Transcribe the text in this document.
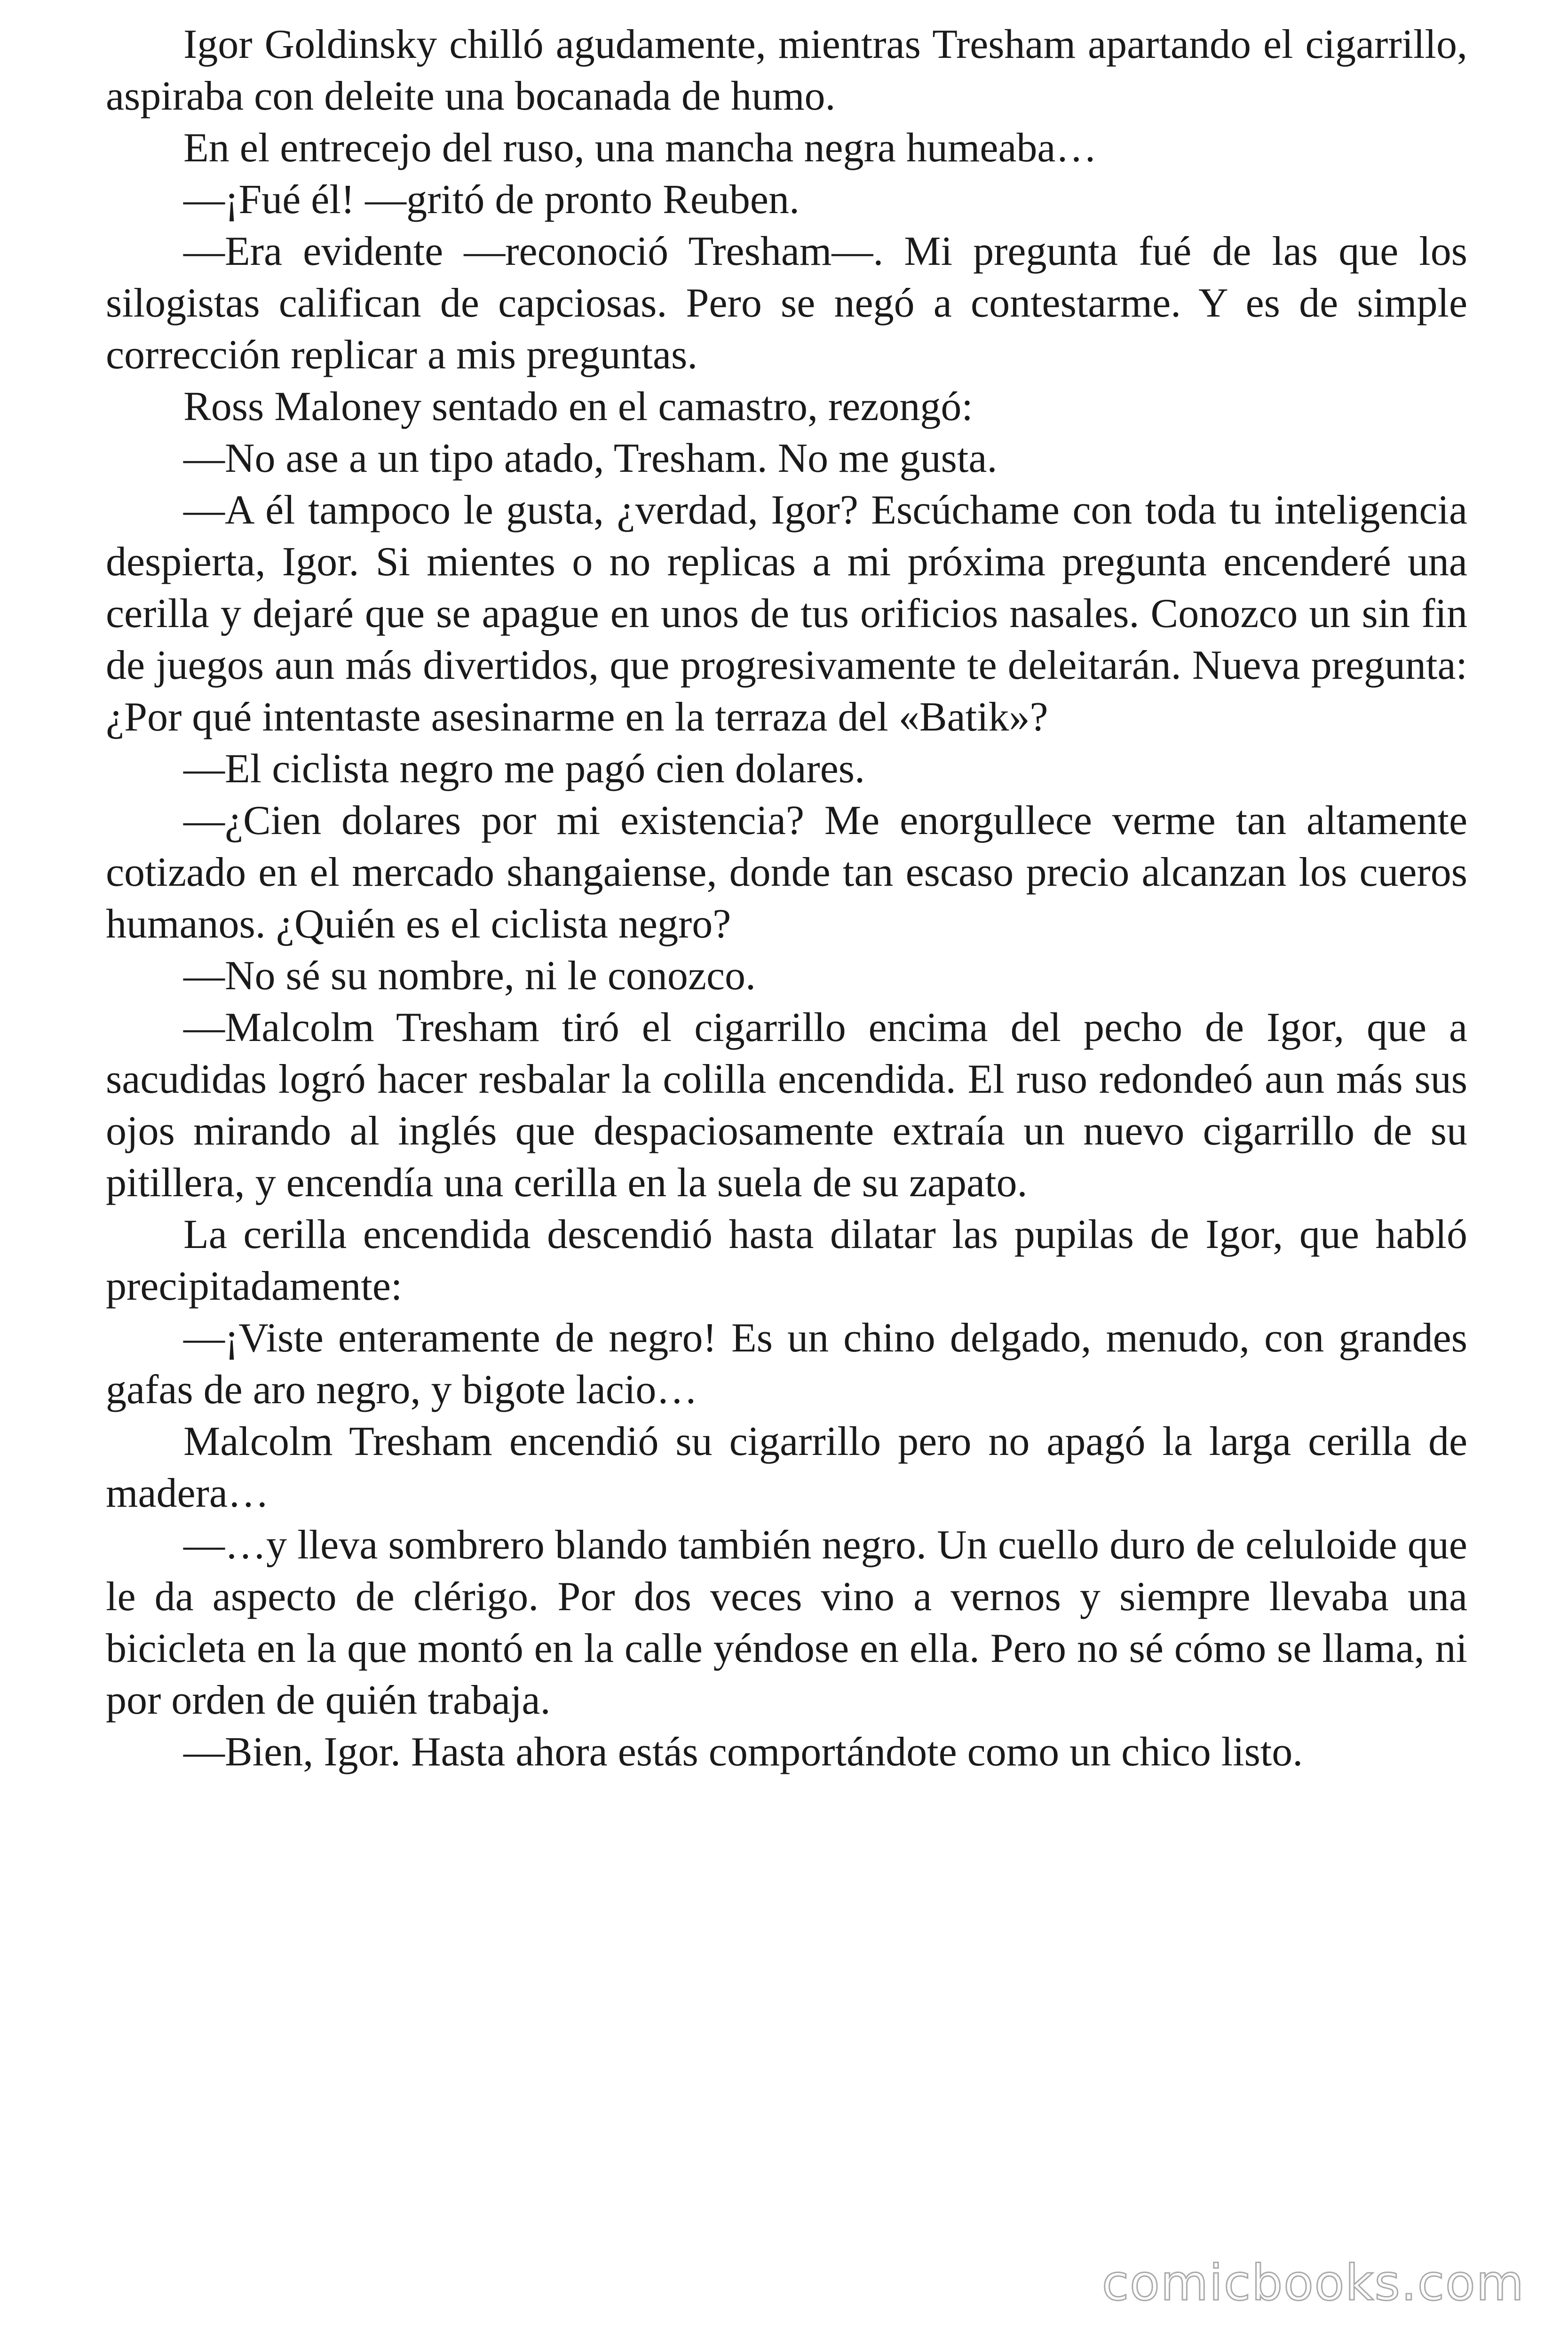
Igor Goldinsky chilló agudamente, mientras Tresham apartando el cigarrillo, aspiraba con deleite una bocanada de humo.

En el entrecejo del ruso, una mancha negra humeaba…

—¡Fué él! —gritó de pronto Reuben.

—Era evidente —reconoció Tresham—. Mi pregunta fué de las que los silogistas califican de capciosas. Pero se negó a contestarme. Y es de simple corrección replicar a mis preguntas.

Ross Maloney sentado en el camastro, rezongó:

—No ase a un tipo atado, Tresham. No me gusta.

—A él tampoco le gusta, ¿verdad, Igor? Escúchame con toda tu inteligencia despierta, Igor. Si mientes o no replicas a mi próxima pregunta encenderé una cerilla y dejaré que se apague en unos de tus orificios nasales. Conozco un sin fin de juegos aun más divertidos, que progresivamente te deleitarán. Nueva pregunta: ¿Por qué intentaste asesinarme en la terraza del «Batik»?

—El ciclista negro me pagó cien dolares.

—¿Cien dolares por mi existencia? Me enorgullece verme tan altamente cotizado en el mercado shangaiense, donde tan escaso precio alcanzan los cueros humanos. ¿Quién es el ciclista negro?

—No sé su nombre, ni le conozco.

—Malcolm Tresham tiró el cigarrillo encima del pecho de Igor, que a sacudidas logró hacer resbalar la colilla encendida. El ruso redondeó aun más sus ojos mirando al inglés que despaciosamente extraía un nuevo cigarrillo de su pitillera, y encendía una cerilla en la suela de su zapato.

La cerilla encendida descendió hasta dilatar las pupilas de Igor, que habló precipitadamente:

—¡Viste enteramente de negro! Es un chino delgado, menudo, con grandes gafas de aro negro, y bigote lacio…

Malcolm Tresham encendió su cigarrillo pero no apagó la larga cerilla de madera…

—…y lleva sombrero blando también negro. Un cuello duro de celuloide que le da aspecto de clérigo. Por dos veces vino a vernos y siempre llevaba una bicicleta en la que montó en la calle yéndose en ella. Pero no sé cómo se llama, ni por orden de quién trabaja.

—Bien, Igor. Hasta ahora estás comportándote como un chico listo.

comicbooks.com
